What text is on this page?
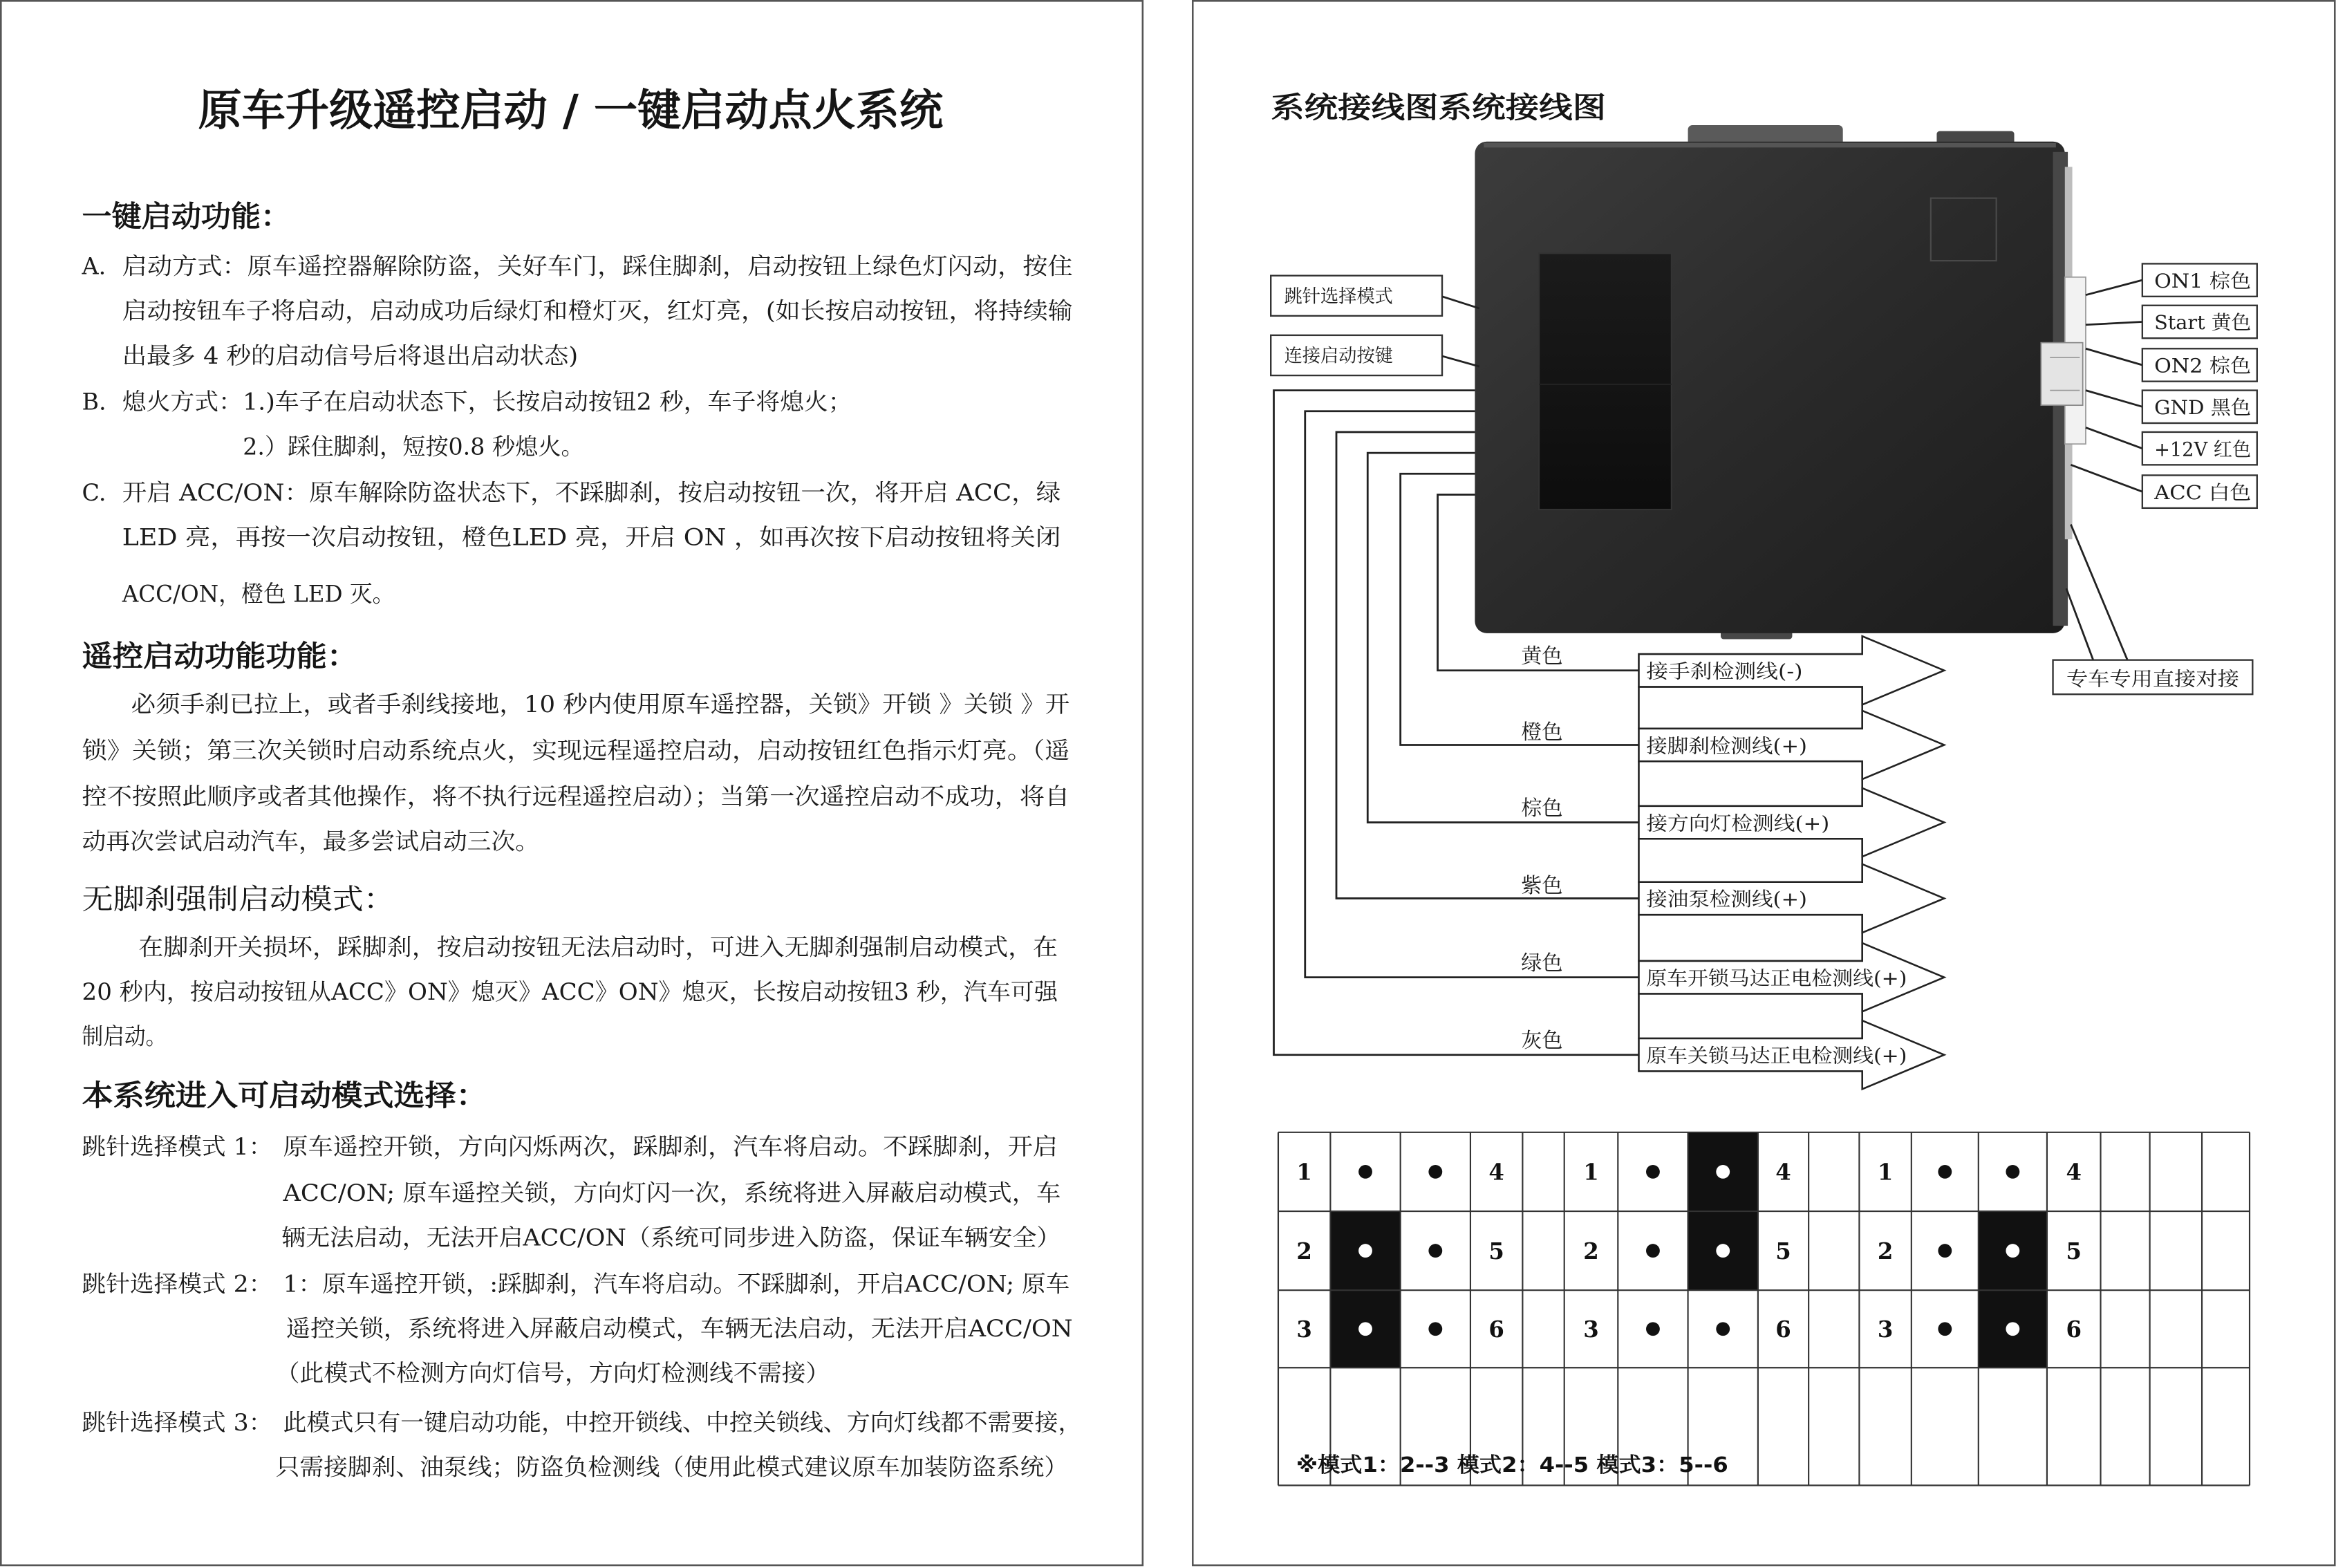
原车升级遥控启动 / 一键启动点火系统
一键启动功能：
A. 启动方式：原车遥控器解除防盗，关好车门，踩住脚刹，启动按钮上绿色灯闪动，按住
启动按钮车子将启动，启动成功后绿灯和橙灯灭，红灯亮，(如长按启动按钮，将持续输
出最多 4 秒的启动信号后将退出启动状态)
B. 熄火方式：1.)车子在启动状态下，长按启动按钮2 秒，车子将熄火；
2.）踩住脚刹，短按0.8 秒熄火。
C. 开启 ACC/ON：原车解除防盗状态下，不踩脚刹，按启动按钮一次，将开启 ACC，绿
LED 亮，再按一次启动按钮，橙色LED 亮，开启 ON ，如再次按下启动按钮将关闭
ACC/ON，橙色 LED 灭。
遥控启动功能功能：
必须手刹已拉上，或者手刹线接地，10 秒内使用原车遥控器，关锁》开锁 》关锁 》开
锁》关锁；第三次关锁时启动系统点火，实现远程遥控启动，启动按钮红色指示灯亮。（遥
控不按照此顺序或者其他操作，将不执行远程遥控启动）；当第一次遥控启动不成功，将自
动再次尝试启动汽车，最多尝试启动三次。
无脚刹强制启动模式：
在脚刹开关损坏，踩脚刹，按启动按钮无法启动时，可进入无脚刹强制启动模式，在
20 秒内，按启动按钮从ACC》ON》熄灭》ACC》ON》熄灭，长按启动按钮3 秒，汽车可强
制启动。
本系统进入可启动模式选择：
跳针选择模式 1： 原车遥控开锁，方向闪烁两次，踩脚刹，汽车将启动。不踩脚刹，开启
ACC/ON; 原车遥控关锁，方向灯闪一次，系统将进入屏蔽启动模式，车
辆无法启动，无法开启ACC/ON（系统可同步进入防盗，保证车辆安全）
跳针选择模式 2： 1：原车遥控开锁，:踩脚刹，汽车将启动。不踩脚刹，开启ACC/ON; 原车
遥控关锁，系统将进入屏蔽启动模式，车辆无法启动，无法开启ACC/ON
（此模式不检测方向灯信号，方向灯检测线不需接）
跳针选择模式 3： 此模式只有一键启动功能，中控开锁线、中控关锁线、方向灯线都不需要接，
只需接脚刹、油泵线；防盗负检测线（使用此模式建议原车加装防盗系统）
系统接线图系统接线图
跳针选择模式
连接启动按键
ON1 棕色
Start 黄色
ON2 棕色
GND 黑色
+12V 红色
ACC 白色
专车专用直接对接
黄色
橙色
棕色
紫色
绿色
灰色
接手刹检测线(-)
接脚刹检测线(+)
接方向灯检测线(+)
接油泵检测线(+)
原车开锁马达正电检测线(+)
原车关锁马达正电检测线(+)
1
2
3
4
5
6
1
2
3
4
5
6
1
2
3
4
5
6
※模式1：2--3 模式2：4--5 模式3：5--6
